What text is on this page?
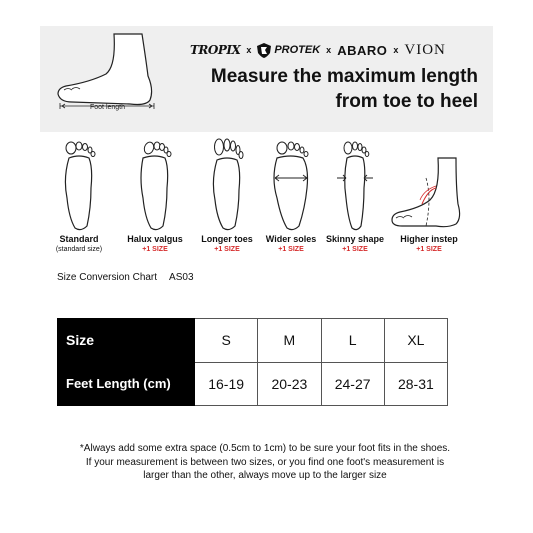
Foot length
TROPIX x PROTEK x ABARO x VION
Measure the maximum length
from toe to heel
Standard
(standard size)
Halux valgus
+1 SIZE
Longer toes
+1 SIZE
Wider soles
+1 SIZE
Skinny shape
+1 SIZE
Higher instep
+1 SIZE
Size Conversion Chart AS03
Size	S	M	L	XL
Feet Length (cm)	16-19	20-23	24-27	28-31
*Always add some extra space (0.5cm to 1cm) to be sure your foot fits in the shoes.
If your measurement is between two sizes, or you find one foot's measurement is
larger than the other, always move up to the larger size
